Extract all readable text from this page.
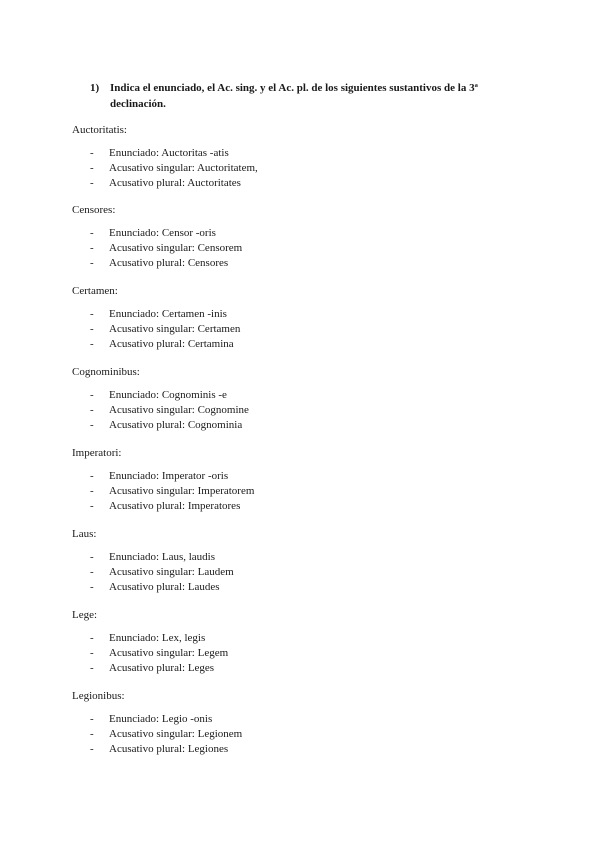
1) Indica el enunciado, el Ac. sing. y el Ac. pl. de los siguientes sustantivos de la 3ª declinación.
Auctoritatis:
- Enunciado: Auctoritas -atis
- Acusativo singular: Auctoritatem,
- Acusativo plural: Auctoritates
Censores:
- Enunciado: Censor -oris
- Acusativo singular: Censorem
- Acusativo plural: Censores
Certamen:
- Enunciado: Certamen -inis
- Acusativo singular: Certamen
- Acusativo plural: Certamina
Cognominibus:
- Enunciado: Cognominis -e
- Acusativo singular: Cognomine
- Acusativo plural: Cognominia
Imperatori:
- Enunciado: Imperator -oris
- Acusativo singular: Imperatorem
- Acusativo plural: Imperatores
Laus:
- Enunciado: Laus, laudis
- Acusativo singular: Laudem
- Acusativo plural: Laudes
Lege:
- Enunciado: Lex, legis
- Acusativo singular: Legem
- Acusativo plural: Leges
Legionibus:
- Enunciado: Legio -onis
- Acusativo singular: Legionem
- Acusativo plural: Legiones
